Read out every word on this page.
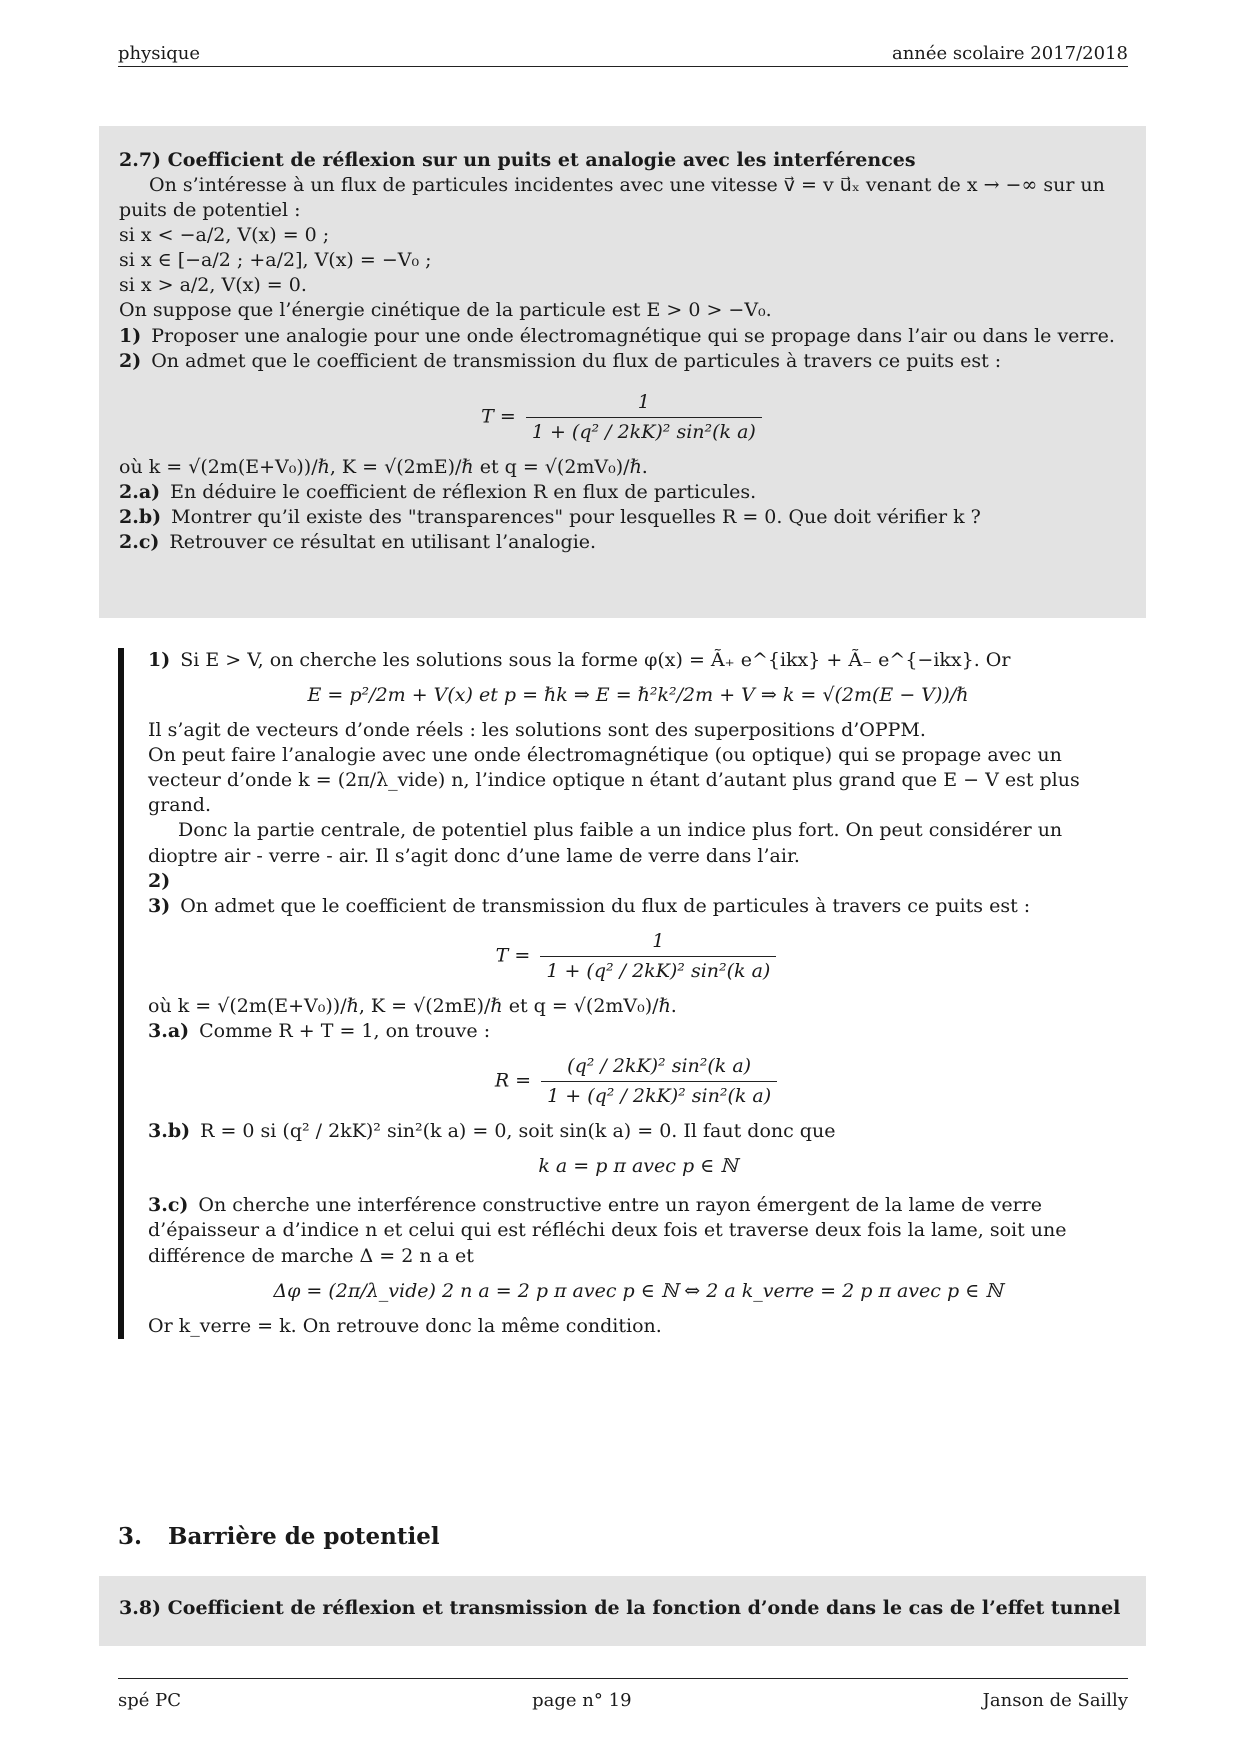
physique	année scolaire 2017/2018

2.7) Coefficient de réflexion sur un puits et analogie avec les interférences

On s’intéresse à un flux de particules incidentes avec une vitesse v⃗ = v u⃗ₓ venant de x → −∞ sur un puits de potentiel :

si x < −a/2, V(x) = 0 ;

si x ∈ [−a/2 ; +a/2], V(x) = −V₀ ;

si x > a/2, V(x) = 0.

On suppose que l’énergie cinétique de la particule est E > 0 > −V₀.

1) Proposer une analogie pour une onde électromagnétique qui se propage dans l’air ou dans le verre.

2) On admet que le coefficient de transmission du flux de particules à travers ce puits est :

$T = \frac{1}{\text{1 + (q² / 2kK)² sin²(k a)}}$

où k = √(2m(E+V₀))/ℏ, K = √(2mE)/ℏ et q = √(2mV₀)/ℏ.

2.a) En déduire le coefficient de réflexion R en flux de particules.

2.b) Montrer qu’il existe des "transparences" pour lesquelles R = 0. Que doit vérifier k ?

2.c) Retrouver ce résultat en utilisant l’analogie.

1) Si E > V, on cherche les solutions sous la forme φ(x) = Ã₊ e^{ikx} + Ã₋ e^{−ikx}. Or

E = p²/2m + V(x) et p = ℏk ⇒ E = ℏ²k²/2m + V ⇒ k = √(2m(E − V))/ℏ

Il s’agit de vecteurs d’onde réels : les solutions sont des superpositions d’OPPM.

On peut faire l’analogie avec une onde électromagnétique (ou optique) qui se propage avec un vecteur d’onde k = (2π/λ_vide) n, l’indice optique n étant d’autant plus grand que E − V est plus grand.

Donc la partie centrale, de potentiel plus faible a un indice plus fort. On peut considérer un dioptre air - verre - air. Il s’agit donc d’une lame de verre dans l’air.

2)

3) On admet que le coefficient de transmission du flux de particules à travers ce puits est :

$T = \frac{1}{\text{1 + (q² / 2kK)² sin²(k a)}}$

où k = √(2m(E+V₀))/ℏ, K = √(2mE)/ℏ et q = √(2mV₀)/ℏ.

3.a) Comme R + T = 1, on trouve :

$R = \frac{\text{(q² / 2kK)² sin²(k a)}}{\text{1 + (q² / 2kK)² sin²(k a)}}$

3.b) R = 0 si (q² / 2kK)² sin²(k a) = 0, soit sin(k a) = 0. Il faut donc que

k a = p π avec p ∈ ℕ

3.c) On cherche une interférence constructive entre un rayon émergent de la lame de verre d’épaisseur a d’indice n et celui qui est réfléchi deux fois et traverse deux fois la lame, soit une différence de marche Δ = 2 n a et

Δφ = (2π/λ_vide) 2 n a = 2 p π avec p ∈ ℕ ⇔ 2 a k_verre = 2 p π avec p ∈ ℕ

Or k_verre = k. On retrouve donc la même condition.

3. Barrière de potentiel

3.8) Coefficient de réflexion et transmission de la fonction d’onde dans le cas de l’effet tunnel

spé PC	page n° 19	Janson de Sailly
